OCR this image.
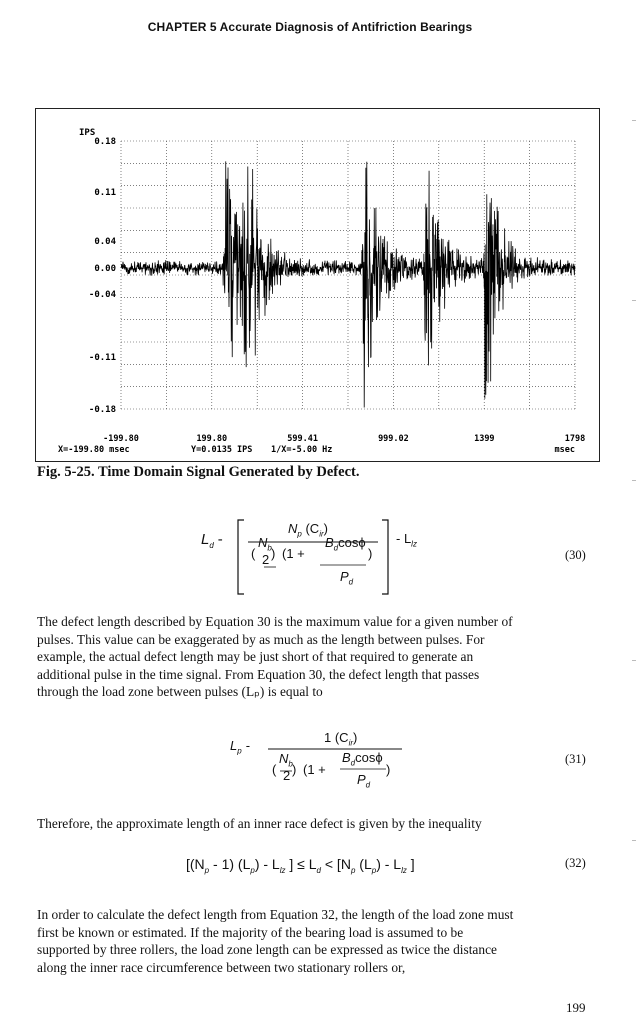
CHAPTER 5 Accurate Diagnosis of Antifriction Bearings
0.18
0.11
0.04
0.00
-0.04
-0.11
-0.18
-199.80	199.80	599.41	999.02	1399	1798
IPS
msec
X=-199.80 msec	Y=0.0135 IPS 1/X=-5.00 Hz
Fig. 5-25. Time Domain Signal Generated by Defect.
$L_d$ -
$N_p$ $(C_{ir})$
(
$N_b$
2 ) (1 +
$B_d\cos\phi$
$P_d$
)
- $L_{lz}$
(30)
The defect length described by Equation 30 is the maximum value for a given number of
pulses. This value can be exaggerated by as much as the length between pulses. For
example, the actual defect length may be just short of that required to generate an
additional pulse in the time signal. From Equation 30, the defect length that passes
through the load zone between pulses (Lₚ) is equal to
$L_p$ -
1 $(C_{ir})$
(
$N_b$
2 ) (1 +
$B_d\cos\phi$
$P_d$
)
(31)
Therefore, the approximate length of an inner race defect is given by the inequality
[$(N_p - 1)$ $(L_p) - L_{lz}$ ] ≤ $L_d < [N_p$ $(L_p) - L_{lz}$ ]	(32)
In order to calculate the defect length from Equation 32, the length of the load zone must
first be known or estimated. If the majority of the bearing load is assumed to be
supported by three rollers, the load zone length can be expressed as twice the distance
along the inner race circumference between two stationary rollers or,
199
